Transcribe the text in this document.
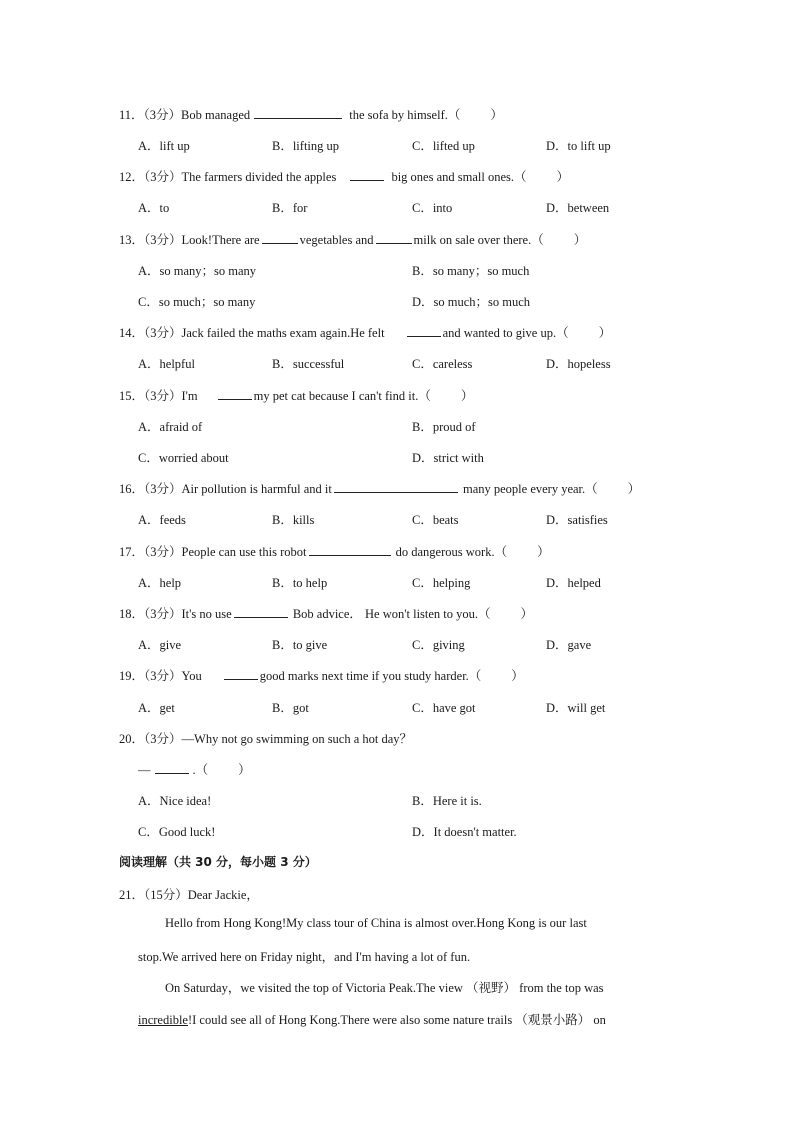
11．（3分）Bob managed	the sofa by himself.（ ）
A．lift up	B．lifting up	C．lifted up	D．to lift up
12．（3分）The farmers divided the apples	big ones and small ones.（ ）
A．to	B．for	C．into	D．between
13．（3分）Look!There are	vegetables and	milk on sale over there.（ ）
A．so many；so many	B．so many；so much
C．so much；so many	D．so much；so much
14．（3分）Jack failed the maths exam again.He felt	and wanted to give up.（ ）
A．helpful	B．successful	C．careless	D．hopeless
15．（3分）I'm	my pet cat because I can't find it.（ ）
A．afraid of	B．proud of
C．worried about	D．strict with
16．（3分）Air pollution is harmful and it	many people every year.（ ）
A．feeds	B．kills	C．beats	D．satisfies
17．（3分）People can use this robot	do dangerous work.（ ）
A．help	B．to help	C．helping	D．helped
18．（3分）It's no use	Bob advice． He won't listen to you.（ ）
A．give	B．to give	C．giving	D．gave
19．（3分）You	good marks next time if you study harder.（ ）
A．get	B．got	C．have got	D．will get
20．（3分）—Why not go swimming on such a hot day？
—	.（ ）
A．Nice idea!	B．Here it is.
C．Good luck!	D．It doesn't matter.
阅读理解（共 30 分，每小题 3 分）
21．（15分）Dear Jackie，
Hello from Hong Kong!My class tour of China is almost over.Hong Kong is our last
stop.We arrived here on Friday night，and I'm having a lot of fun.
On Saturday，we visited the top of Victoria Peak.The view （视野） from the top was
incredible!I could see all of Hong Kong.There were also some nature trails （观景小路） on
